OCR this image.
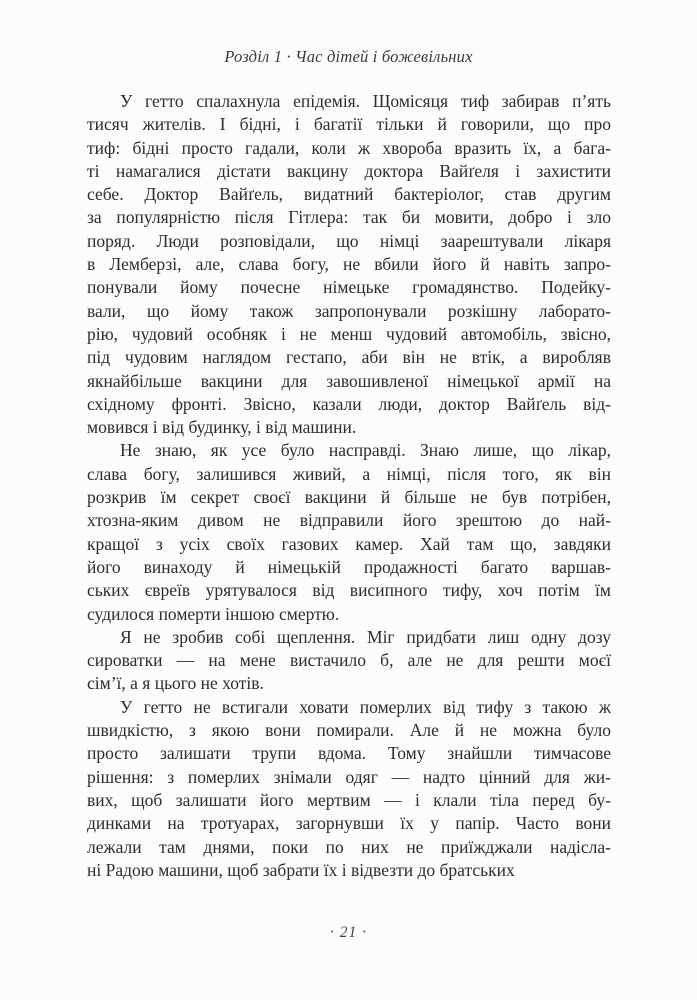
Розділ 1 · Час дітей і божевільних
У гетто спалахнула епідемія. Щомісяця тиф забирав п’ять
тисяч жителів. І бідні, і багатії тільки й говорили, що про
тиф: бідні просто гадали, коли ж хвороба вразить їх, а бага-
ті намагалися дістати вакцину доктора Вайґеля і захистити
себе. Доктор Вайґель, видатний бактеріолог, став другим
за популярністю після Гітлера: так би мовити, добро і зло
поряд. Люди розповідали, що німці заарештували лікаря
в Лемберзі, але, слава богу, не вбили його й навіть запро-
понували йому почесне німецьке громадянство. Подейку-
вали, що йому також запропонували розкішну лаборато-
рію, чудовий особняк і не менш чудовий автомобіль, звісно,
під чудовим наглядом гестапо, аби він не втік, а виробляв
якнайбільше вакцини для завошивленої німецької армії на
східному фронті. Звісно, казали люди, доктор Вайґель від-
мовився і від будинку, і від машини.
Не знаю, як усе було насправді. Знаю лише, що лікар,
слава богу, залишився живий, а німці, після того, як він
розкрив їм секрет своєї вакцини й більше не був потрібен,
хтозна-яким дивом не відправили його зрештою до най-
кращої з усіх своїх газових камер. Хай там що, завдяки
його винаходу й німецькій продажності багато варшав-
ських євреїв урятувалося від висипного тифу, хоч потім їм
судилося померти іншою смертю.
Я не зробив собі щеплення. Міг придбати лиш одну дозу
сироватки — на мене вистачило б, але не для решти моєї
сім’ї, а я цього не хотів.
У гетто не встигали ховати померлих від тифу з такою ж
швидкістю, з якою вони помирали. Але й не можна було
просто залишати трупи вдома. Тому знайшли тимчасове
рішення: з померлих знімали одяг — надто цінний для жи-
вих, щоб залишати його мертвим — і клали тіла перед бу-
динками на тротуарах, загорнувши їх у папір. Часто вони
лежали там днями, поки по них не приїжджали надісла-
ні Радою машини, щоб забрати їх і відвезти до братських
· 21 ·
